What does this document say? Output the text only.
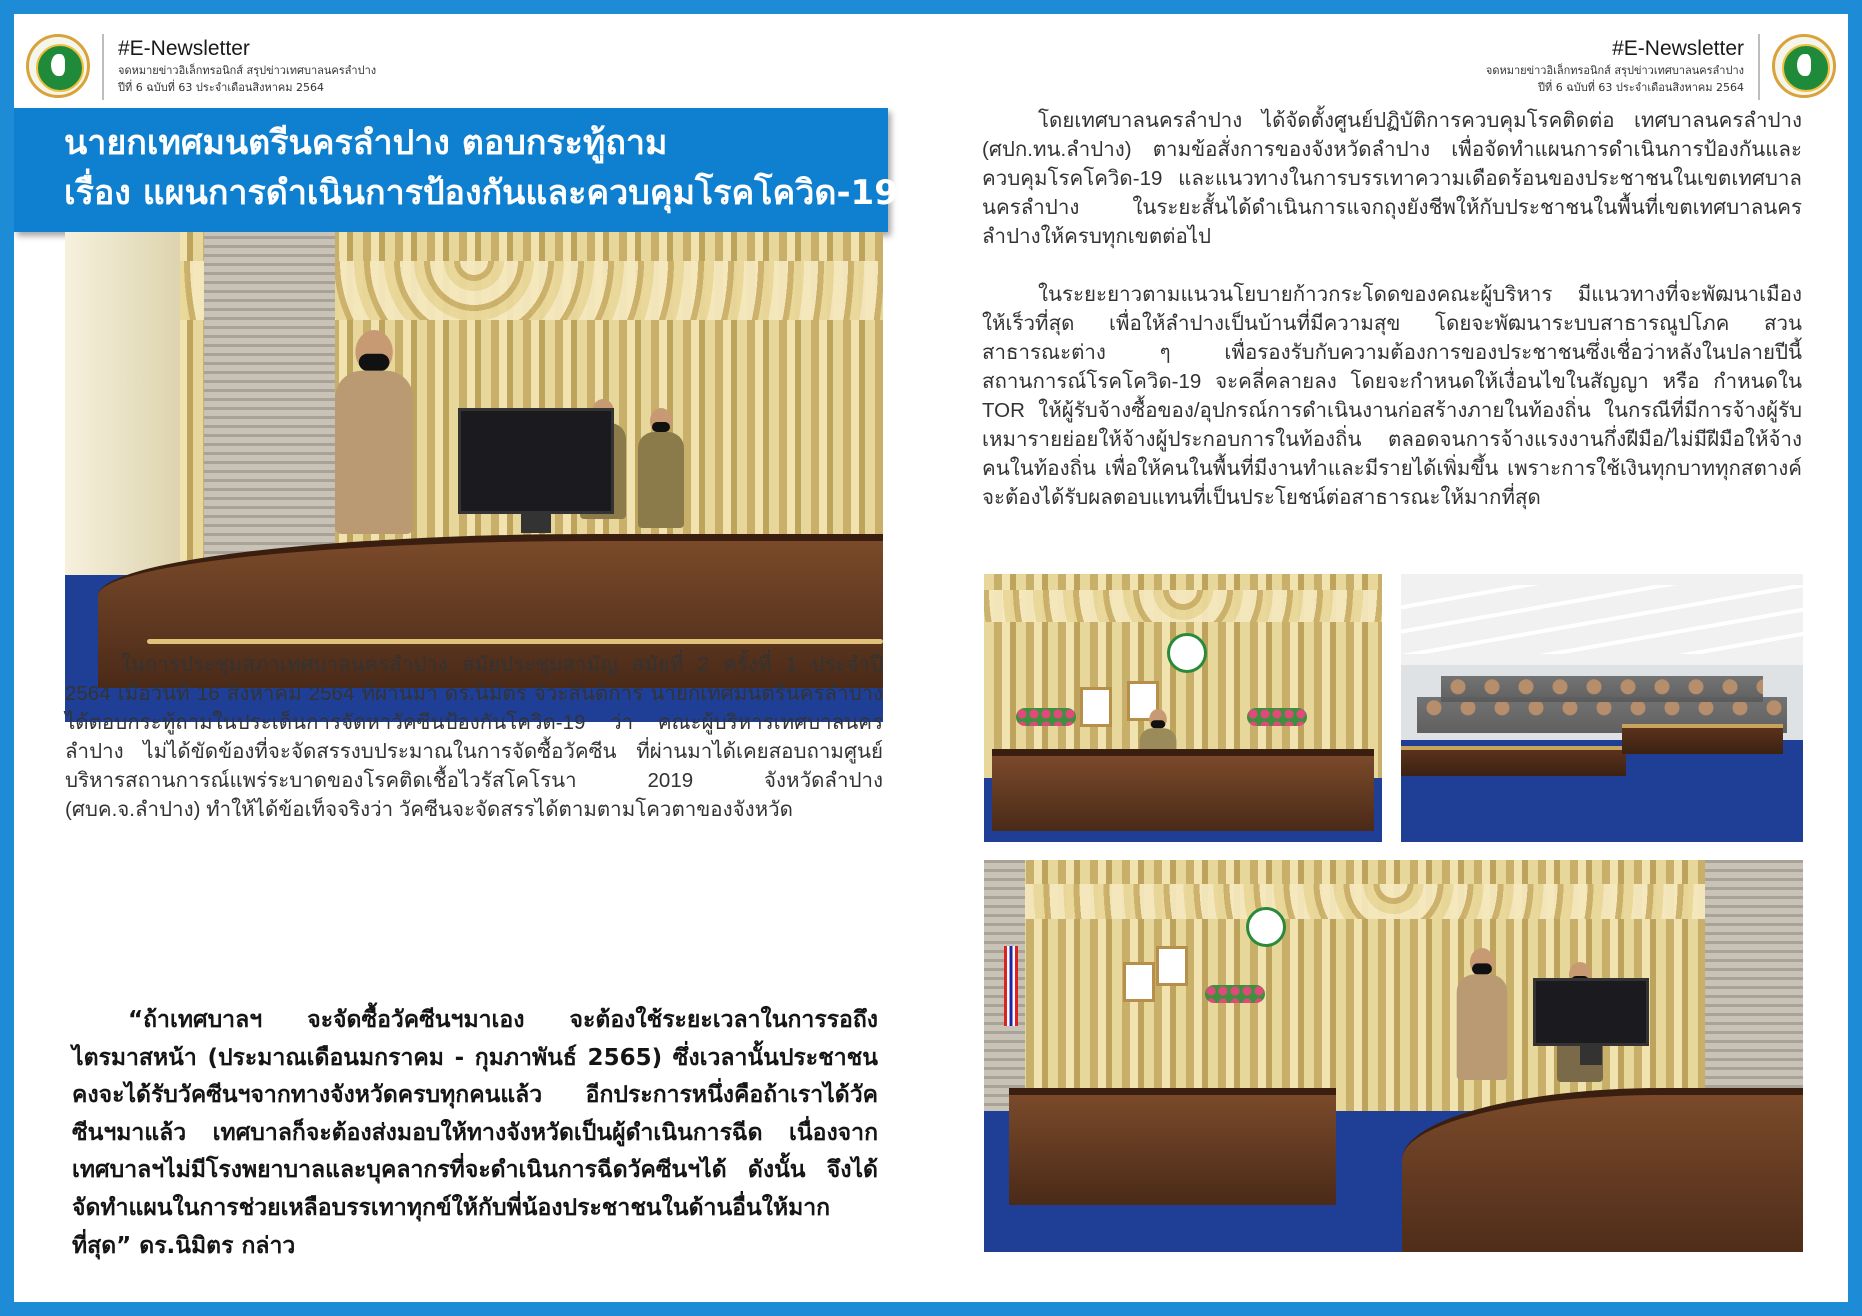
#E-Newsletter
จดหมายข่าวอิเล็กทรอนิกส์ สรุปข่าวเทศบาลนครลำปาง
ปีที่ 6 ฉบับที่ 63 ประจำเดือนสิงหาคม 2564
#E-Newsletter
จดหมายข่าวอิเล็กทรอนิกส์ สรุปข่าวเทศบาลนครลำปาง
ปีที่ 6 ฉบับที่ 63 ประจำเดือนสิงหาคม 2564
นายกเทศมนตรีนครลำปาง ตอบกระทู้ถาม
เรื่อง แผนการดำเนินการป้องกันและควบคุมโรคโควิด-19

ในการประชุมสภาเทศบาลนครลำปาง สมัยประชุมสามัญ สมัยที่ 2 ครั้งที่ 1 ประจำปี 2564 เมื่อวันที่ 16 สิงหาคม 2564 ที่ผ่านมา ดร.นิมิตร จิวะสันติการ นายกเทศมนตรีนครลำปาง ได้ตอบกระทู้ถามในประเด็นการจัดหาวัคซีนป้องกันโควิด-19 ว่า คณะผู้บริหารเทศบาลนครลำปาง ไม่ได้ขัดข้องที่จะจัดสรรงบประมาณในการจัดซื้อวัคซีน ที่ผ่านมาได้เคยสอบถามศูนย์บริหารสถานการณ์แพร่ระบาดของโรคติดเชื้อไวรัสโคโรนา 2019 จังหวัดลำปาง (ศบค.จ.ลำปาง) ทำให้ได้ข้อเท็จจริงว่า วัคซีนจะจัดสรรได้ตามตามโควตาของจังหวัด

“ถ้าเทศบาลฯ จะจัดซื้อวัคซีนฯมาเอง จะต้องใช้ระยะเวลาในการรอถึงไตรมาสหน้า (ประมาณเดือนมกราคม - กุมภาพันธ์ 2565) ซึ่งเวลานั้นประชาชนคงจะได้รับวัคซีนฯจากทางจังหวัดครบทุกคนแล้ว อีกประการหนึ่งคือถ้าเราได้วัคซีนฯมาแล้ว เทศบาลก็จะต้องส่งมอบให้ทางจังหวัดเป็นผู้ดำเนินการฉีด เนื่องจากเทศบาลฯไม่มีโรงพยาบาลและบุคลากรที่จะดำเนินการฉีดวัคซีนฯได้ ดังนั้น จึงได้จัดทำแผนในการช่วยเหลือบรรเทาทุกข์ให้กับพี่น้องประชาชนในด้านอื่นให้มากที่สุด” ดร.นิมิตร กล่าว

โดยเทศบาลนครลำปาง ได้จัดตั้งศูนย์ปฏิบัติการควบคุมโรคติดต่อ เทศบาลนครลำปาง (ศปก.ทน.ลำปาง) ตามข้อสั่งการของจังหวัดลำปาง เพื่อจัดทำแผนการดำเนินการป้องกันและควบคุมโรคโควิด-19 และแนวทางในการบรรเทาความเดือดร้อนของประชาชนในเขตเทศบาลนครลำปาง ในระยะสั้นได้ดำเนินการแจกถุงยังชีพให้กับประชาชนในพื้นที่เขตเทศบาลนครลำปางให้ครบทุกเขตต่อไป

ในระยะยาวตามแนวนโยบายก้าวกระโดดของคณะผู้บริหาร มีแนวทางที่จะพัฒนาเมืองให้เร็วที่สุด เพื่อให้ลำปางเป็นบ้านที่มีความสุข โดยจะพัฒนาระบบสาธารณูปโภค สวนสาธารณะต่าง ๆ เพื่อรองรับกับความต้องการของประชาชนซึ่งเชื่อว่าหลังในปลายปีนี้สถานการณ์โรคโควิด-19 จะคลี่คลายลง โดยจะกำหนดให้เงื่อนไขในสัญญา หรือ กำหนดใน TOR ให้ผู้รับจ้างซื้อของ/อุปกรณ์การดำเนินงานก่อสร้างภายในท้องถิ่น ในกรณีที่มีการจ้างผู้รับเหมารายย่อยให้จ้างผู้ประกอบการในท้องถิ่น ตลอดจนการจ้างแรงงานกึ่งฝีมือ/ไม่มีฝีมือให้จ้างคนในท้องถิ่น เพื่อให้คนในพื้นที่มีงานทำและมีรายได้เพิ่มขึ้น เพราะการใช้เงินทุกบาททุกสตางค์จะต้องได้รับผลตอบแทนที่เป็นประโยชน์ต่อสาธารณะให้มากที่สุด
